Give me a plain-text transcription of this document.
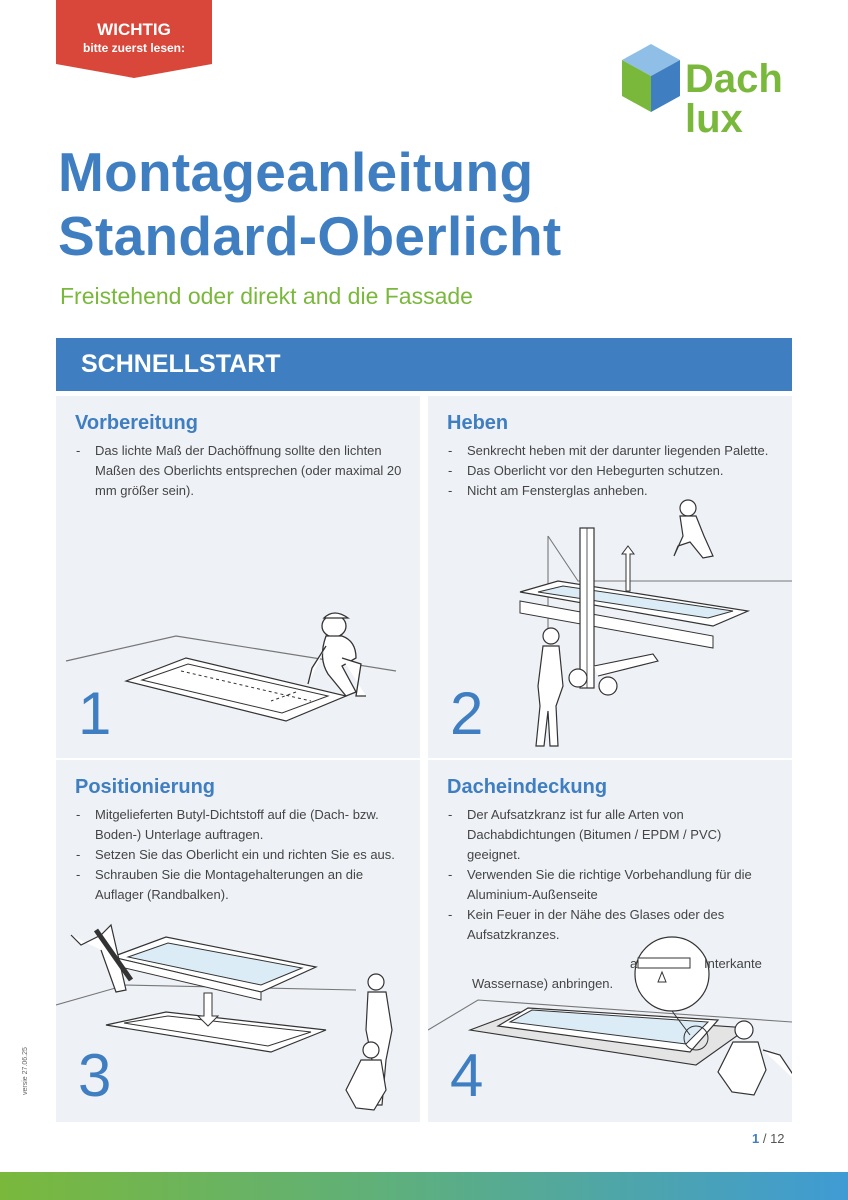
WICHTIG
bitte zuerst lesen:
Dach
lux
Montageanleitung
Standard-Oberlicht
Freistehend oder direkt and die Fassade
SCHNELLSTART
Vorbereitung
- Das lichte Maß der Dachöffnung sollte den lichten Maßen des Oberlichts entsprechen (oder maximal 20 mm größer sein).
1
Heben
- Senkrecht heben mit der darunter liegenden Palette.
- Das Oberlicht vor den Hebegurten schutzen.
- Nicht am Fensterglas anheben.
2
Positionierung
- Mitgelieferten Butyl-Dichtstoff auf die (Dach- bzw. Boden-) Unterlage auftragen.
- Setzen Sie das Oberlicht ein und richten Sie es aus.
- Schrauben Sie die Montagehalterungen an die Auflager (Randbalken).
3
Dacheindeckung
- Der Aufsatzkranz ist fur alle Arten von Dachabdichtungen (Bitumen / EPDM / PVC) geeignet.
- Verwenden Sie die richtige Vorbehandlung für die Aluminium-Außenseite
- Kein Feuer in der Nähe des Glases oder des Aufsatzkranzes.
a	Interkante
Wassernase) anbringen.
4
versie 27.06.25
1 / 12
